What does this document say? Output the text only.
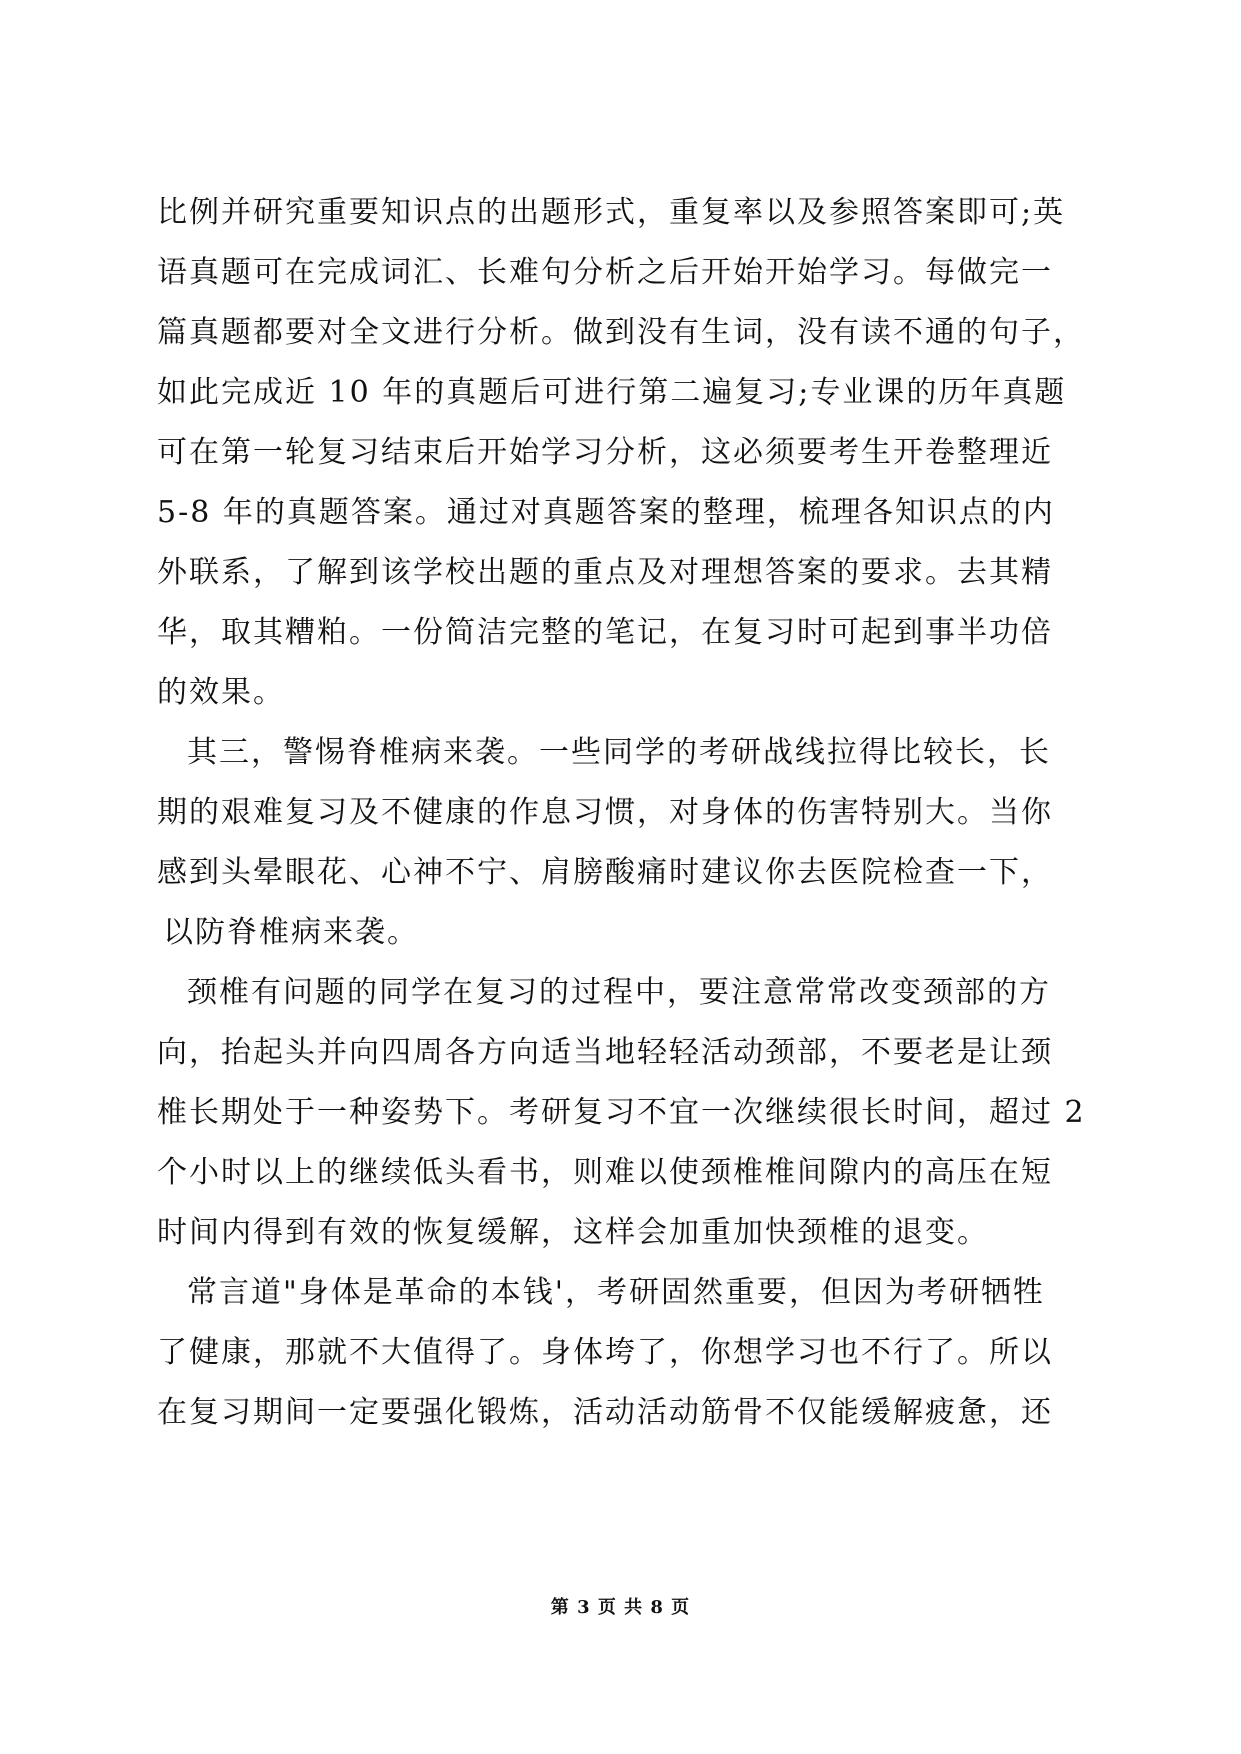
比例并研究重要知识点的出题形式，重复率以及参照答案即可;英
语真题可在完成词汇、长难句分析之后开始开始学习。每做完一
篇真题都要对全文进行分析。做到没有生词，没有读不通的句子，
如此完成近 10 年的真题后可进行第二遍复习;专业课的历年真题
可在第一轮复习结束后开始学习分析，这必须要考生开卷整理近
5-8 年的真题答案。通过对真题答案的整理，梳理各知识点的内
外联系，了解到该学校出题的重点及对理想答案的要求。去其精
华，取其糟粕。一份简洁完整的笔记，在复习时可起到事半功倍
的效果。
其三，警惕脊椎病来袭。一些同学的考研战线拉得比较长，长
期的艰难复习及不健康的作息习惯，对身体的伤害特别大。当你
感到头晕眼花、心神不宁、肩膀酸痛时建议你去医院检查一下，
以防脊椎病来袭。
颈椎有问题的同学在复习的过程中，要注意常常改变颈部的方
向，抬起头并向四周各方向适当地轻轻活动颈部，不要老是让颈
椎长期处于一种姿势下。考研复习不宜一次继续很长时间，超过 2
个小时以上的继续低头看书，则难以使颈椎椎间隙内的高压在短
时间内得到有效的恢复缓解，这样会加重加快颈椎的退变。
常言道"身体是革命的本钱'，考研固然重要，但因为考研牺牲
了健康，那就不大值得了。身体垮了，你想学习也不行了。所以
在复习期间一定要强化锻炼，活动活动筋骨不仅能缓解疲惫，还
第 3 页 共 8 页
